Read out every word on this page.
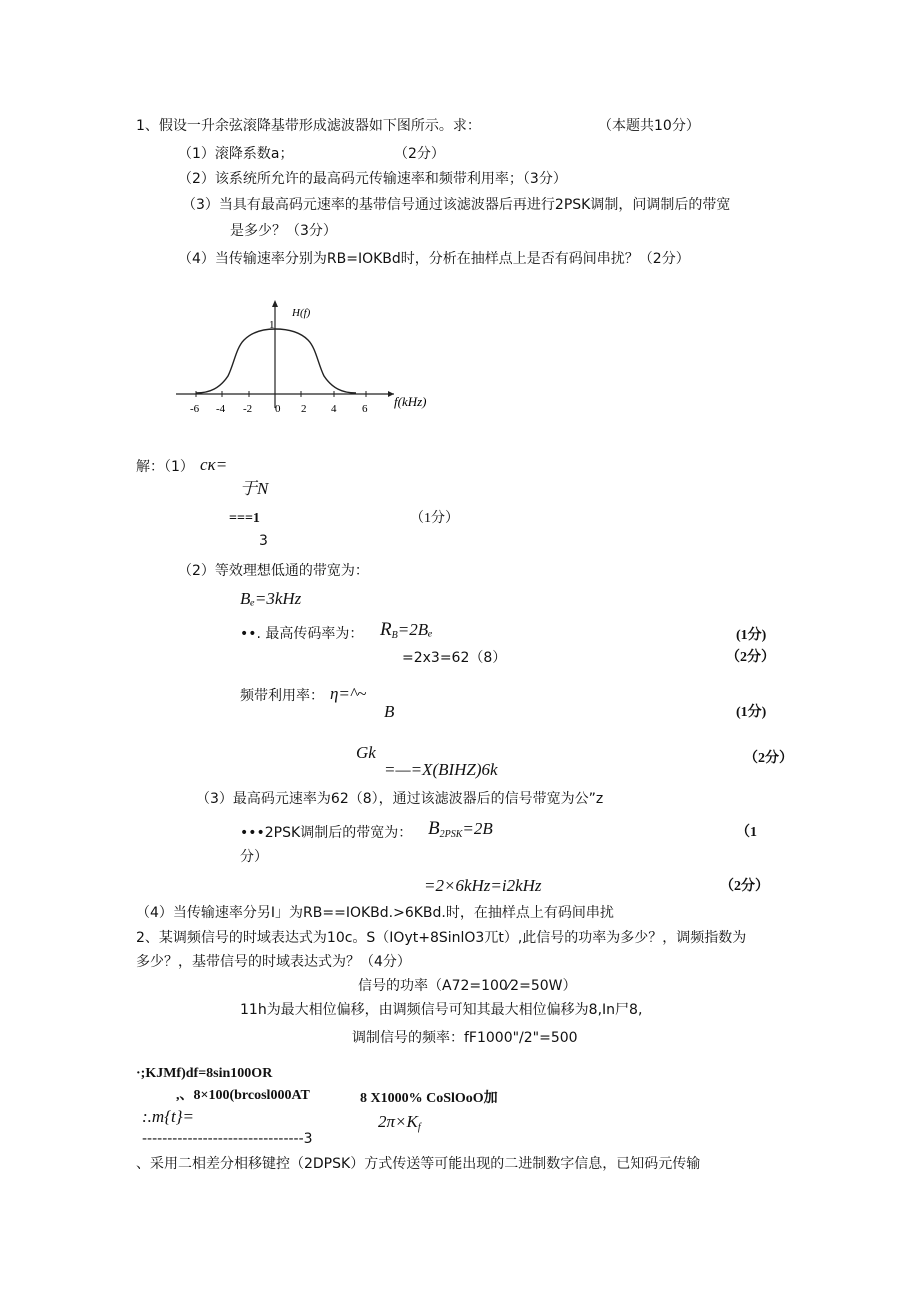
1、假设一升余弦滚降基带形成滤波器如下图所示。求：	（本题共10分）
（1）滚降系数a；	（2分）
（2）该系统所允许的最高码元传输速率和频带利用率；（3分）
（3）当具有最高码元速率的基带信号通过该滤波器后再进行2PSK调制，问调制后的带宽
是多少？（3分）
（4）当传输速率分别为RB=IOKBd时，分析在抽样点上是否有码间串扰？（2分）
-6 -4 -2 0 2 4 6
1
H(f)
f(kHz)
解：（1） cκ=
于N
===1	（1分）
3
（2）等效理想低通的带宽为：
Bₑ=3kHz
••. 最高传码率为： $R_B=2B_e$	(1分)
=2x3=62（8）	（2分）
频带利用率： η=^~
B	(1分)
Gk
=—=X(BIHZ)6k
（2分）
（3）最高码元速率为62（8），通过该滤波器后的信号带宽为公”z
•••2PSK调制后的带宽为： $B_{2PSK}=2B$	（1
分）
=2×6kHz=i2kHz	（2分）
（4）当传输速率分另I」为RB==IOKBd.>6KBd.时，在抽样点上有码间串扰
2、某调频信号的时域表达式为10c。S（IOyt+8SinlO3兀t）,此信号的功率为多少？，调频指数为
多少？，基带信号的时域表达式为？（4分）
信号的功率（A72=100⁄2=50W）
11h为最大相位偏移，由调频信号可知其最大相位偏移为8,In尸8,
调制信号的频率：fF1000"/2"=500
·;KJMf)df=8sin100OR
,、8×100(brcosl000AT	8 X1000% CoSlOoO加
:.m{t}=	$2\pi\times K_f$
--------------------------------3
、采用二相差分相移键控（2DPSK）方式传送等可能出现的二进制数字信息，已知码元传输
